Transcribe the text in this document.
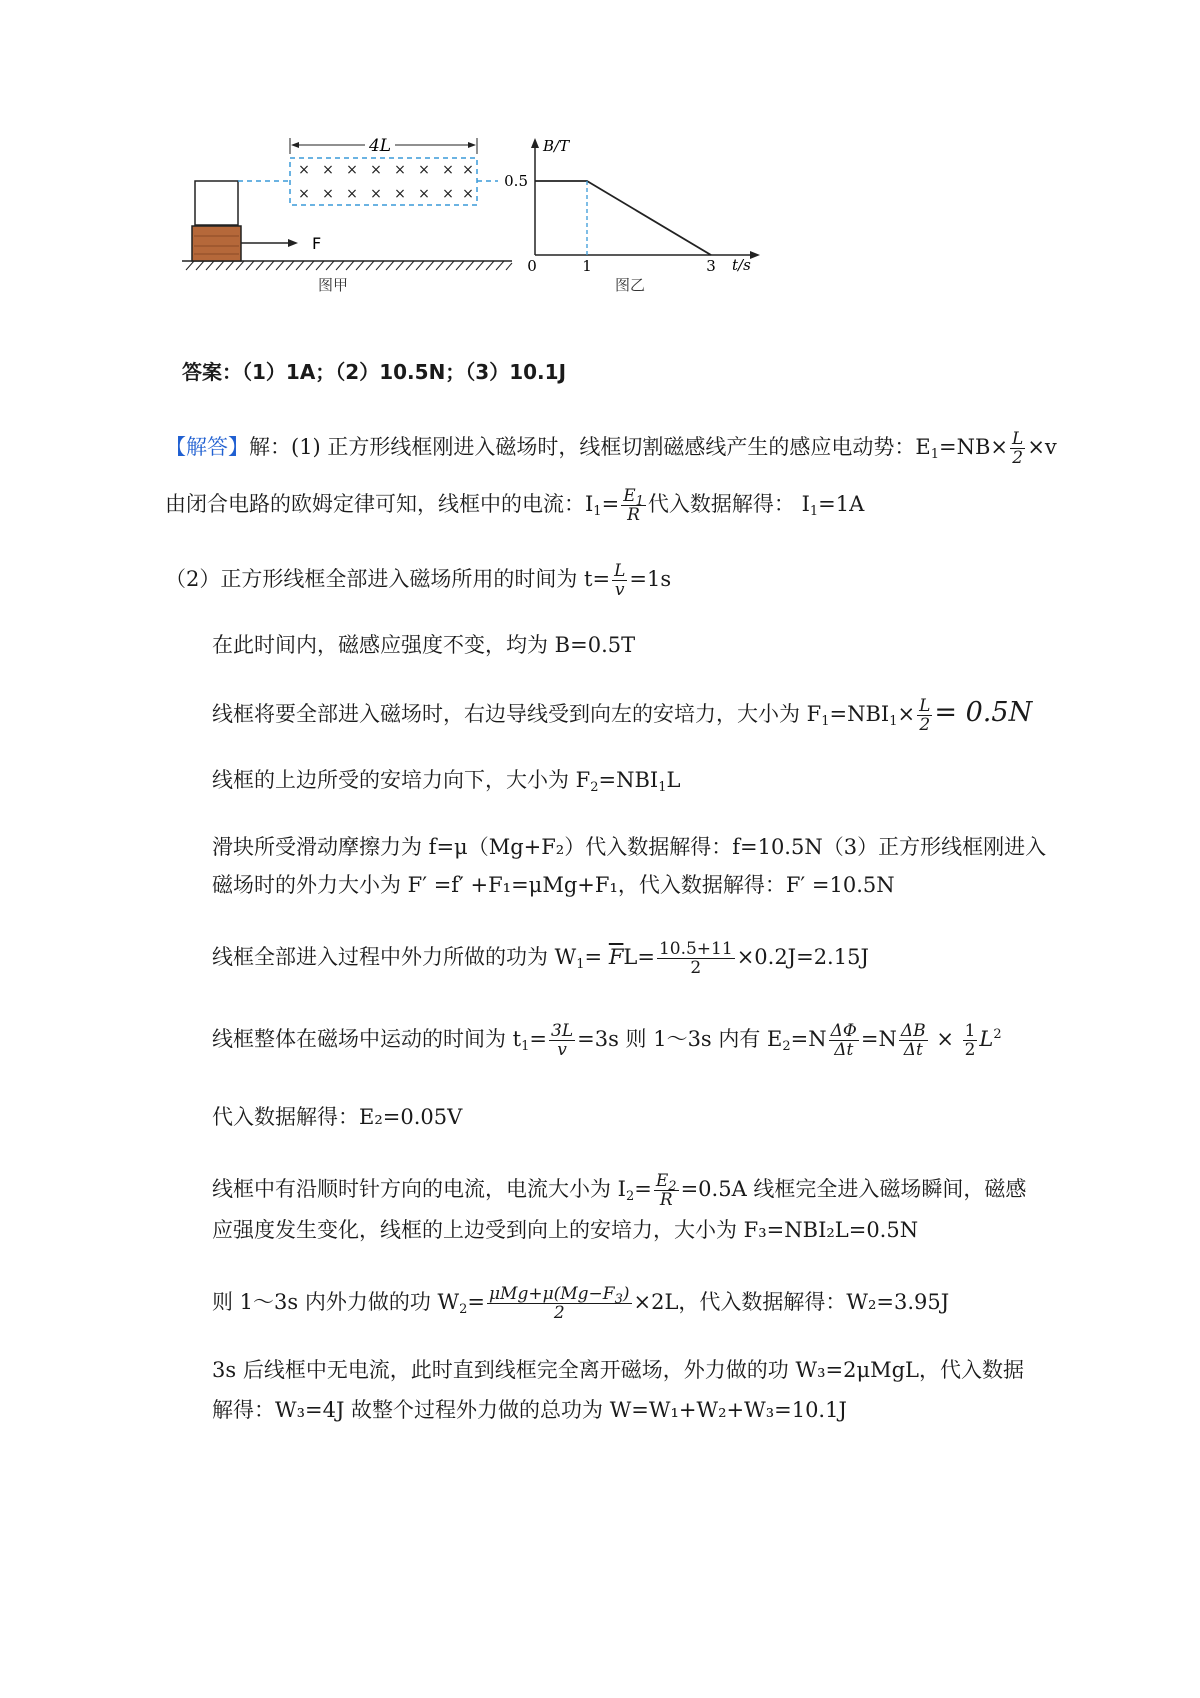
× × × × × × × ×
× × × × × × × ×
4L
F
图甲
B/T
t/s
0.5
0	1	3
图乙
答案：（1）1A；（2）10.5N；（3）10.1J
【解答】解：(1) 正方形线框刚进入磁场时，线框切割磁感线产生的感应电动势：$E_1=NB\times \frac{L}{2} \times v$
由闭合电路的欧姆定律可知，线框中的电流：$I_1= \frac{E_1}{R}$ 代入数据解得： $I_1=1A$
（2）正方形线框全部进入磁场所用的时间为 $t= \frac{L}{v} =1s$
在此时间内，磁感应强度不变，均为 B=0.5T
线框将要全部进入磁场时，右边导线受到向左的安培力，大小为 $F_1=NBI_1\times \frac{L}{2} = 0.5N$
线框的上边所受的安培力向下，大小为 $F_2=NBI_1L$
滑块所受滑动摩擦力为 f=μ（Mg+F₂）代入数据解得：f=10.5N（3）正方形线框刚进入
磁场时的外力大小为 F′ =f′ +F₁=μMg+F₁，代入数据解得：F′ =10.5N
线框全部进入过程中外力所做的功为 $W_1= \overline{F}L= \frac{10.5+11}{2} \times 0.2J=2.15J$
线框整体在磁场中运动的时间为 $t_1= \frac{3L}{v} =3s$ 则 1～3s 内有 $E_2=N \frac{\Delta\Phi}{\Delta t} =N \frac{\Delta B}{\Delta t} \times \frac{1}{2} L^2$
代入数据解得：E₂=0.05V
线框中有沿顺时针方向的电流，电流大小为 $I_2= \frac{E_2}{R} =0.5A$ 线框完全进入磁场瞬间，磁感
应强度发生变化，线框的上边受到向上的安培力，大小为 F₃=NBI₂L=0.5N
则 1～3s 内外力做的功 $W_2= \frac{\mu Mg+\mu(Mg-F_3)}{2} \times 2L$，代入数据解得：W₂=3.95J
3s 后线框中无电流，此时直到线框完全离开磁场，外力做的功 W₃=2μMgL，代入数据
解得：W₃=4J 故整个过程外力做的总功为 W=W₁+W₂+W₃=10.1J
